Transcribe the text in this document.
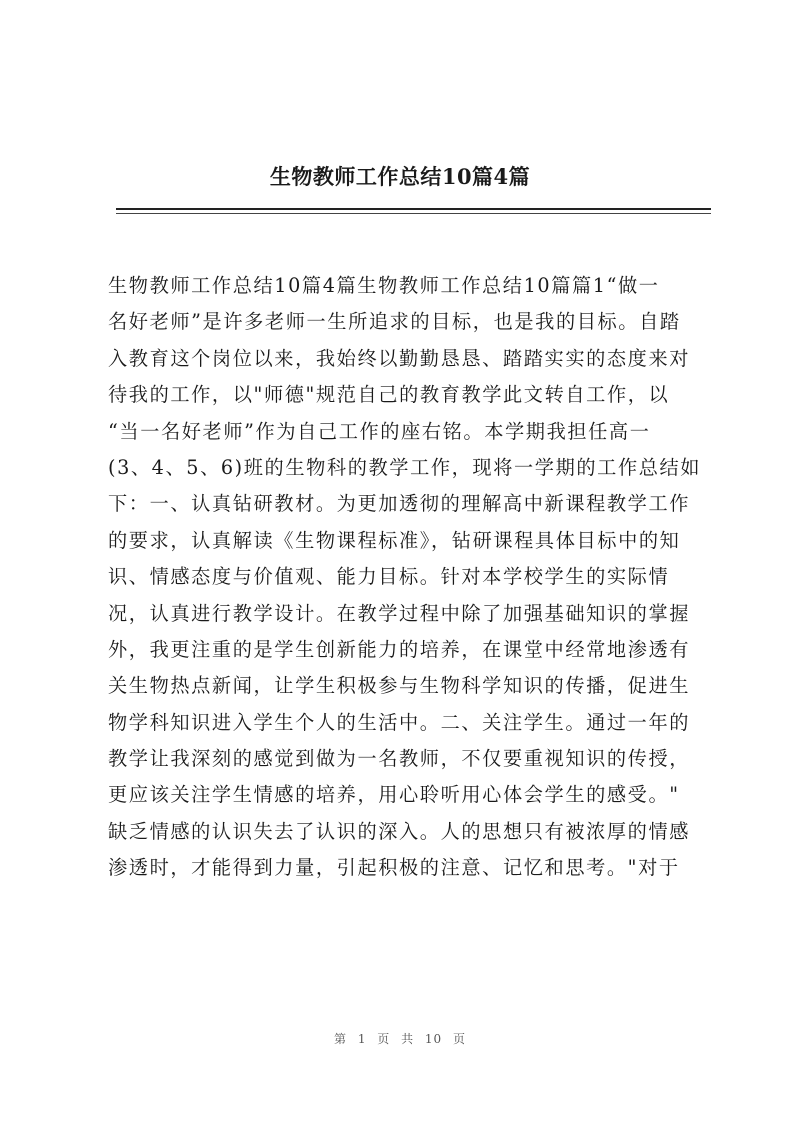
生物教师工作总结10篇4篇
生物教师工作总结10篇4篇生物教师工作总结10篇篇1“做一
名好老师”是许多老师一生所追求的目标，也是我的目标。自踏
入教育这个岗位以来，我始终以勤勤恳恳、踏踏实实的态度来对
待我的工作，以"师德"规范自己的教育教学此文转自工作，以
“当一名好老师”作为自己工作的座右铭。本学期我担任高一
(3、4、5、6)班的生物科的教学工作，现将一学期的工作总结如
下：一、认真钻研教材。为更加透彻的理解高中新课程教学工作
的要求，认真解读《生物课程标准》，钻研课程具体目标中的知
识、情感态度与价值观、能力目标。针对本学校学生的实际情
况，认真进行教学设计。在教学过程中除了加强基础知识的掌握
外，我更注重的是学生创新能力的培养，在课堂中经常地渗透有
关生物热点新闻，让学生积极参与生物科学知识的传播，促进生
物学科知识进入学生个人的生活中。二、关注学生。通过一年的
教学让我深刻的感觉到做为一名教师，不仅要重视知识的传授，
更应该关注学生情感的培养，用心聆听用心体会学生的感受。"
缺乏情感的认识失去了认识的深入。人的思想只有被浓厚的情感
渗透时，才能得到力量，引起积极的注意、记忆和思考。"对于
第 1 页 共 10 页
